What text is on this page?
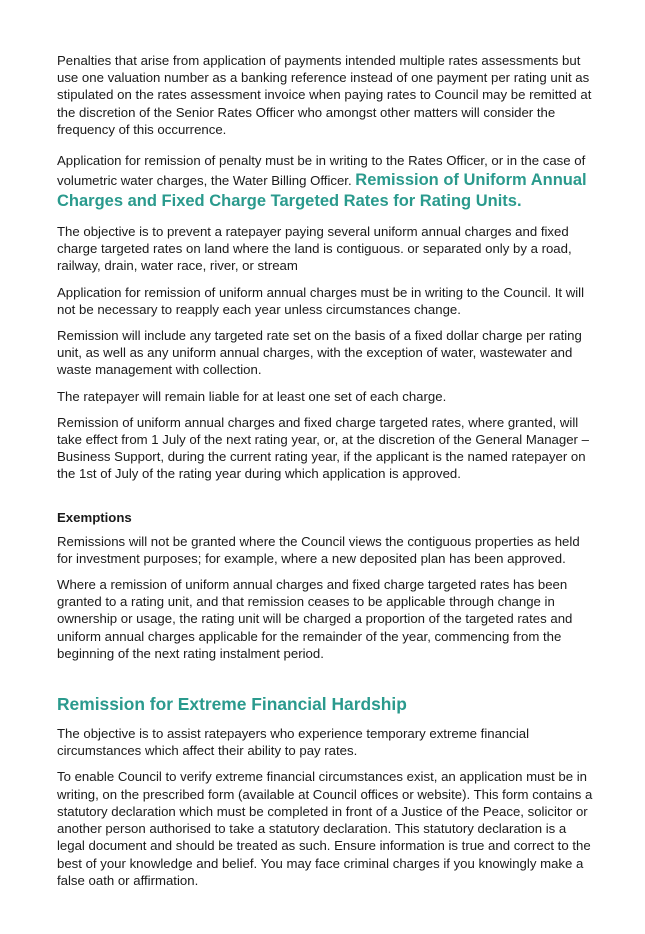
Penalties that arise from application of payments intended multiple rates assessments but use one valuation number as a banking reference instead of one payment per rating unit as stipulated on the rates assessment invoice when paying rates to Council may be remitted at the discretion of the Senior Rates Officer who amongst other matters will consider the frequency of this occurrence.

Application for remission of penalty must be in writing to the Rates Officer, or in the case of volumetric water charges, the Water Billing Officer. Remission of Uniform Annual Charges and Fixed Charge Targeted Rates for Rating Units.

The objective is to prevent a ratepayer paying several uniform annual charges and fixed charge targeted rates on land where the land is contiguous. or separated only by a road, railway, drain, water race, river, or stream

Application for remission of uniform annual charges must be in writing to the Council. It will not be necessary to reapply each year unless circumstances change.

Remission will include any targeted rate set on the basis of a fixed dollar charge per rating unit, as well as any uniform annual charges, with the exception of water, wastewater and waste management with collection.

The ratepayer will remain liable for at least one set of each charge.

Remission of uniform annual charges and fixed charge targeted rates, where granted, will take effect from 1 July of the next rating year, or, at the discretion of the General Manager – Business Support, during the current rating year, if the applicant is the named ratepayer on the 1st of July of the rating year during which application is approved.

Exemptions

Remissions will not be granted where the Council views the contiguous properties as held for investment purposes; for example, where a new deposited plan has been approved.

Where a remission of uniform annual charges and fixed charge targeted rates has been granted to a rating unit, and that remission ceases to be applicable through change in ownership or usage, the rating unit will be charged a proportion of the targeted rates and uniform annual charges applicable for the remainder of the year, commencing from the beginning of the next rating instalment period.

Remission for Extreme Financial Hardship

The objective is to assist ratepayers who experience temporary extreme financial circumstances which affect their ability to pay rates.

To enable Council to verify extreme financial circumstances exist, an application must be in writing, on the prescribed form (available at Council offices or website). This form contains a statutory declaration which must be completed in front of a Justice of the Peace, solicitor or another person authorised to take a statutory declaration. This statutory declaration is a legal document and should be treated as such. Ensure information is true and correct to the best of your knowledge and belief. You may face criminal charges if you knowingly make a false oath or affirmation.
